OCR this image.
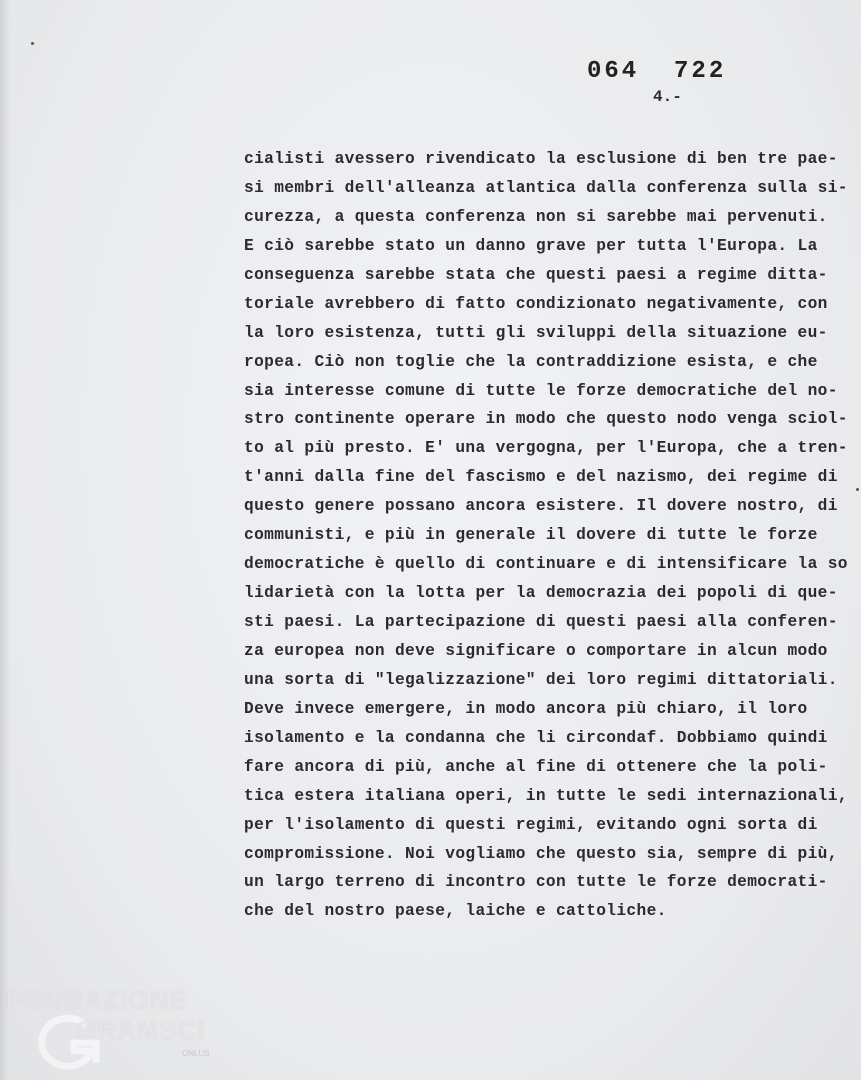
064  722
4.-
cialisti avessero rivendicato la esclusione di ben tre pae-
si membri dell'alleanza atlantica dalla conferenza sulla si-
curezza, a questa conferenza non si sarebbe mai pervenuti.
E ciò sarebbe stato un danno grave per tutta l'Europa. La
conseguenza sarebbe stata che questi paesi a regime ditta-
toriale avrebbero di fatto condizionato negativamente, con
la loro esistenza, tutti gli sviluppi della situazione eu-
ropea. Ciò non toglie che la contraddizione esista, e che
sia interesse comune di tutte le forze democratiche del no-
stro continente operare in modo che questo nodo venga sciol-
to al più presto. E' una vergogna, per l'Europa, che a tren-
t'anni dalla fine del fascismo e del nazismo, dei regime di
questo genere possano ancora esistere. Il dovere nostro, di
communisti, e più in generale il dovere di tutte le forze
democratiche è quello di continuare e di intensificare la so
lidarietà con la lotta per la democrazia dei popoli di que-
sti paesi. La partecipazione di questi paesi alla conferen-
za europea non deve significare o comportare in alcun modo
una sorta di "legalizzazione" dei loro regimi dittatoriali.
Deve invece emergere, in modo ancora più chiaro, il loro
isolamento e la condanna che li circondaf. Dobbiamo quindi
fare ancora di più, anche al fine di ottenere che la poli-
tica estera italiana operi, in tutte le sedi internazionali,
per l'isolamento di questi regimi, evitando ogni sorta di
compromissione. Noi vogliamo che questo sia, sempre di più,
un largo terreno di incontro con tutte le forze democrati-
che del nostro paese, laiche e cattoliche.
FONDAZIONE
GRAMSCI
ONLUS
